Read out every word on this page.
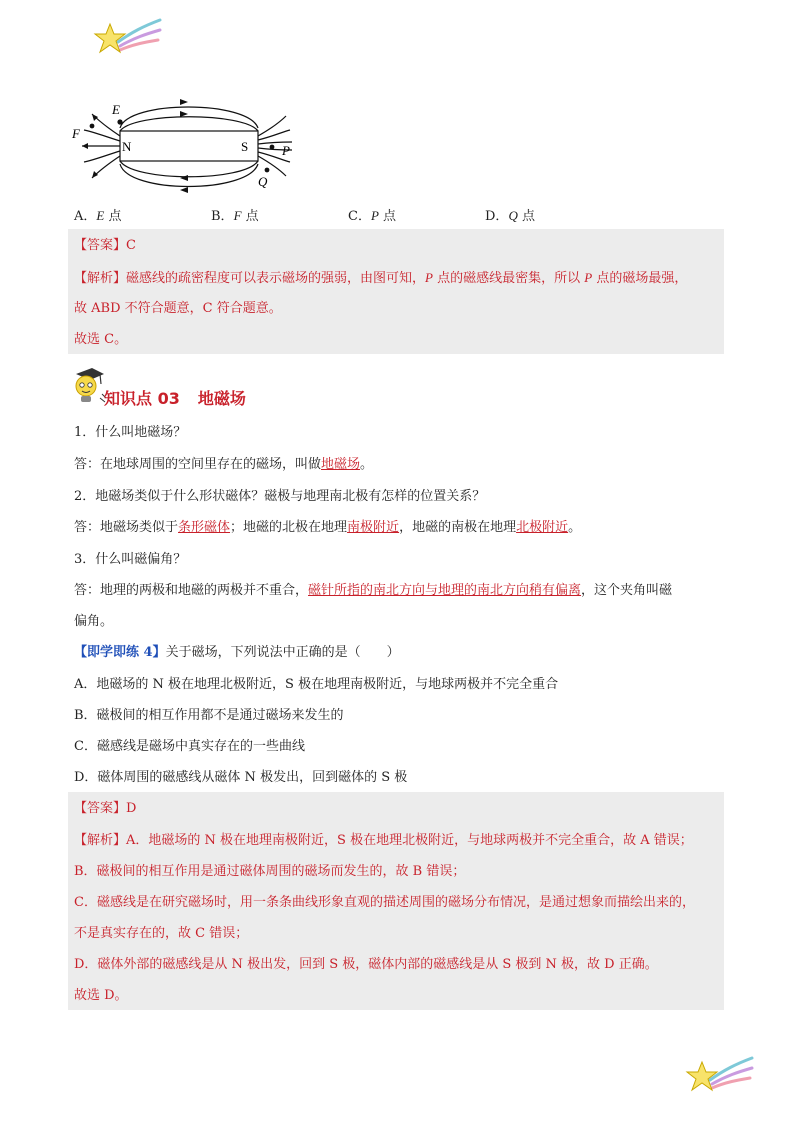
E
F
N	S	P
Q
A．E 点	B．F 点	C．P 点	D．Q 点
【答案】C
【解析】磁感线的疏密程度可以表示磁场的强弱，由图可知，P 点的磁感线最密集，所以 P 点的磁场最强，
故 ABD 不符合题意，C 符合题意。
故选 C。
知识点 03 地磁场
1．什么叫地磁场？
答：在地球周围的空间里存在的磁场，叫做地磁场。
2．地磁场类似于什么形状磁体？磁极与地理南北极有怎样的位置关系？
答：地磁场类似于条形磁体；地磁的北极在地理南极附近，地磁的南极在地理北极附近。
3．什么叫磁偏角？
答：地理的两极和地磁的两极并不重合，磁针所指的南北方向与地理的南北方向稍有偏离，这个夹角叫磁
偏角。
【即学即练 4】关于磁场，下列说法中正确的是（　　）
A．地磁场的 N 极在地理北极附近，S 极在地理南极附近，与地球两极并不完全重合
B．磁极间的相互作用都不是通过磁场来发生的
C．磁感线是磁场中真实存在的一些曲线
D．磁体周围的磁感线从磁体 N 极发出，回到磁体的 S 极
【答案】D
【解析】A．地磁场的 N 极在地理南极附近，S 极在地理北极附近，与地球两极并不完全重合，故 A 错误；
B．磁极间的相互作用是通过磁体周围的磁场而发生的，故 B 错误；
C．磁感线是在研究磁场时，用一条条曲线形象直观的描述周围的磁场分布情况，是通过想象而描绘出来的，
不是真实存在的，故 C 错误；
D．磁体外部的磁感线是从 N 极出发，回到 S 极，磁体内部的磁感线是从 S 极到 N 极，故 D 正确。
故选 D。
